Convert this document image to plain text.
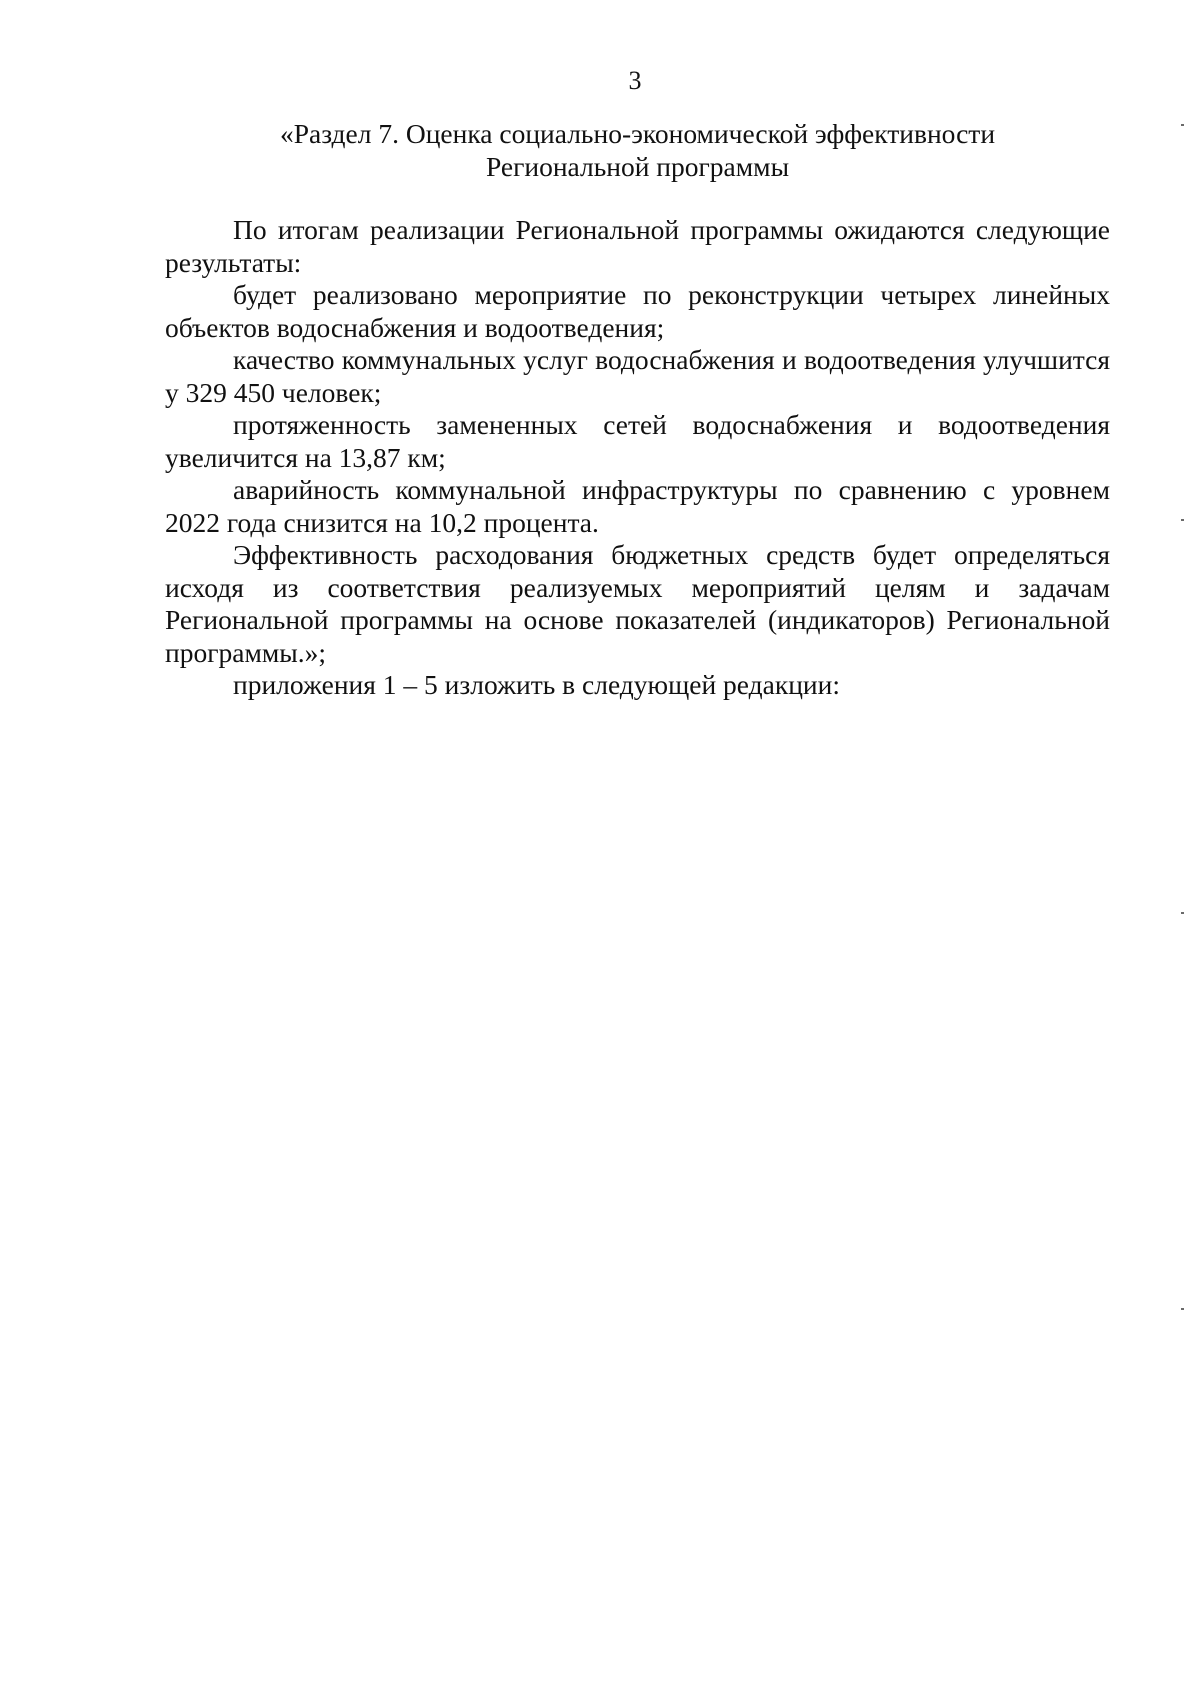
3
«Раздел 7. Оценка социально-экономической эффективности
Региональной программы

По итогам реализации Региональной программы ожидаются следующие результаты:

будет реализовано мероприятие по реконструкции четырех линейных объектов водоснабжения и водоотведения;

качество коммунальных услуг водоснабжения и водоотведения улучшится у 329 450 человек;

протяженность замененных сетей водоснабжения и водоотведения увеличится на 13,87 км;

аварийность коммунальной инфраструктуры по сравнению с уровнем 2022 года снизится на 10,2 процента.

Эффективность расходования бюджетных средств будет определяться исходя из соответствия реализуемых мероприятий целям и задачам Региональной программы на основе показателей (индикаторов) Региональной программы.»;

приложения 1 – 5 изложить в следующей редакции:
